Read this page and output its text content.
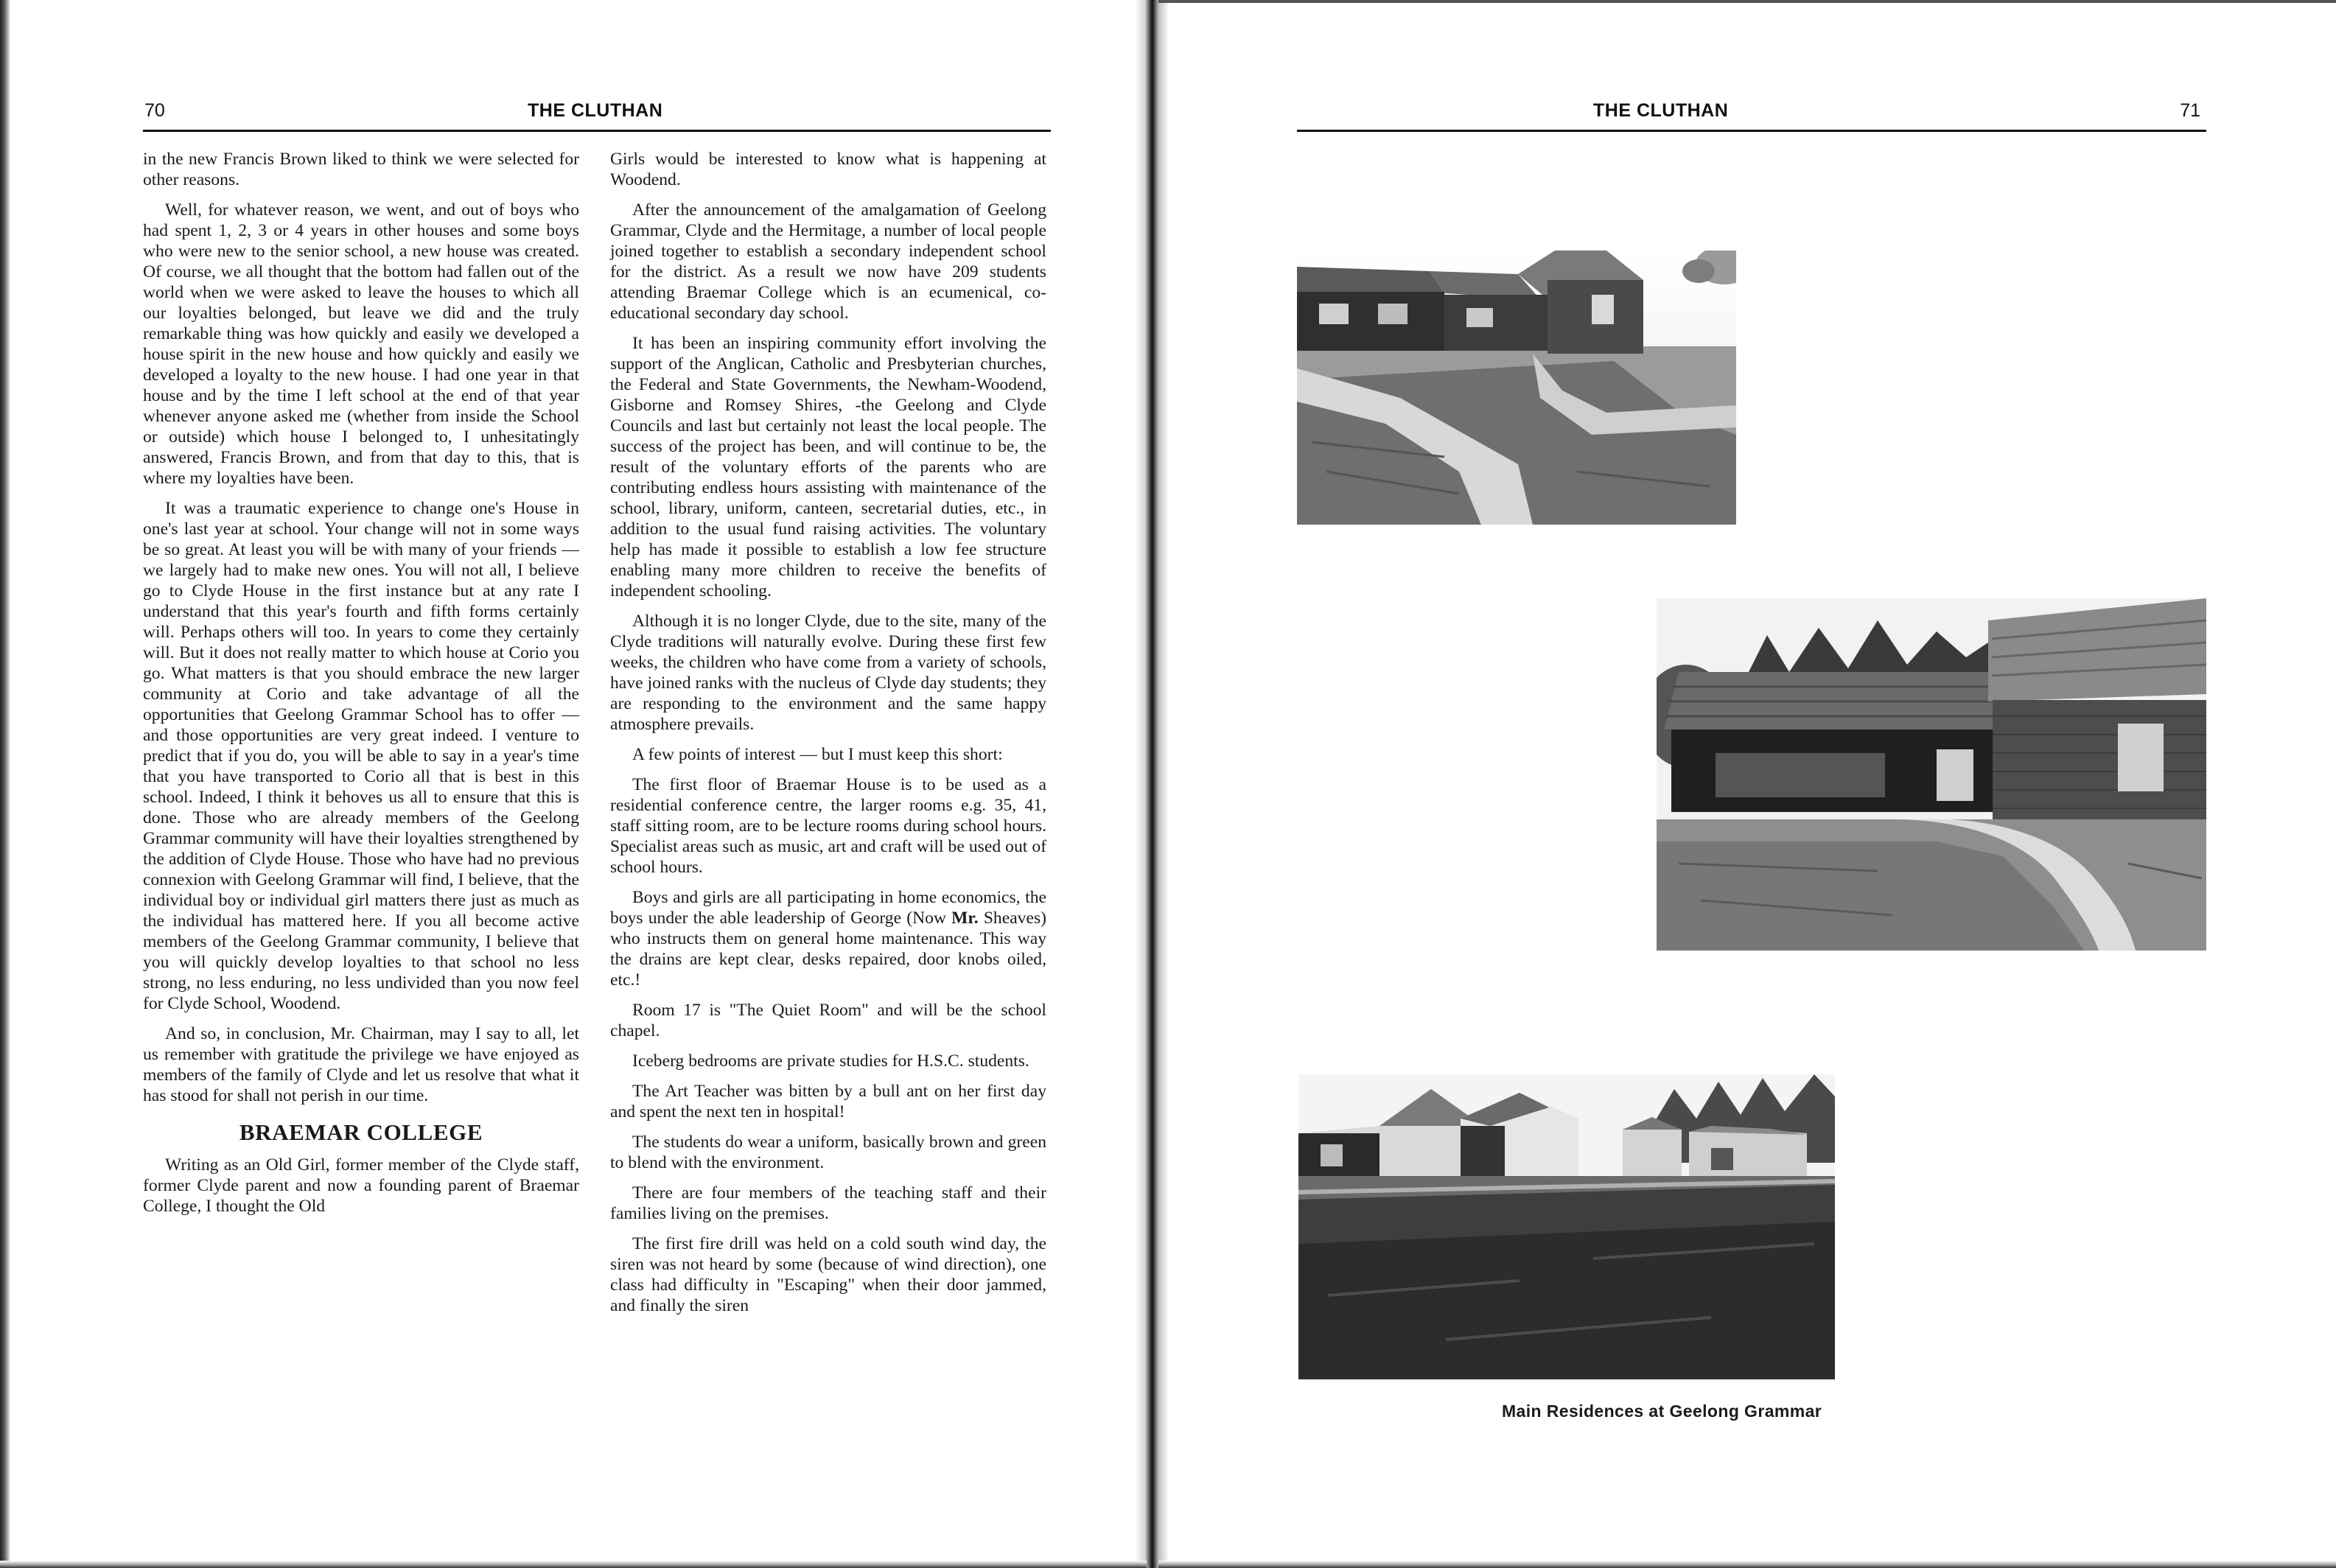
70	THE CLUTHAN

in the new Francis Brown liked to think we were selected for other reasons.

Well, for whatever reason, we went, and out of boys who had spent 1, 2, 3 or 4 years in other houses and some boys who were new to the senior school, a new house was created. Of course, we all thought that the bottom had fallen out of the world when we were asked to leave the houses to which all our loyalties belonged, but leave we did and the truly remarkable thing was how quickly and easily we developed a house spirit in the new house and how quickly and easily we developed a loyalty to the new house. I had one year in that house and by the time I left school at the end of that year whenever anyone asked me (whether from inside the School or outside) which house I belonged to, I unhesitatingly answered, Francis Brown, and from that day to this, that is where my loyalties have been.

It was a traumatic experience to change one's House in one's last year at school. Your change will not in some ways be so great. At least you will be with many of your friends — we largely had to make new ones. You will not all, I believe go to Clyde House in the first instance but at any rate I understand that this year's fourth and fifth forms certainly will. Perhaps others will too. In years to come they certainly will. But it does not really matter to which house at Corio you go. What matters is that you should embrace the new larger community at Corio and take advantage of all the opportunities that Geelong Grammar School has to offer — and those opportunities are very great indeed. I venture to predict that if you do, you will be able to say in a year's time that you have transported to Corio all that is best in this school. Indeed, I think it behoves us all to ensure that this is done. Those who are already members of the Geelong Grammar community will have their loyalties strengthened by the addition of Clyde House. Those who have had no previous connexion with Geelong Grammar will find, I believe, that the individual boy or individual girl matters there just as much as the individual has mattered here. If you all become active members of the Geelong Grammar community, I believe that you will quickly develop loyalties to that school no less strong, no less enduring, no less undivided than you now feel for Clyde School, Woodend.

And so, in conclusion, Mr. Chairman, may I say to all, let us remember with gratitude the privilege we have enjoyed as members of the family of Clyde and let us resolve that what it has stood for shall not perish in our time.

BRAEMAR COLLEGE

Writing as an Old Girl, former member of the Clyde staff, former Clyde parent and now a founding parent of Braemar College, I thought the Old

Girls would be interested to know what is happening at Woodend.

After the announcement of the amalgamation of Geelong Grammar, Clyde and the Hermitage, a number of local people joined together to establish a secondary independent school for the district. As a result we now have 209 students attending Braemar College which is an ecumenical, co-educational secondary day school.

It has been an inspiring community effort involving the support of the Anglican, Catholic and Presbyterian churches, the Federal and State Governments, the Newham-Woodend, Gisborne and Romsey Shires, -the Geelong and Clyde Councils and last but certainly not least the local people. The success of the project has been, and will continue to be, the result of the voluntary efforts of the parents who are contributing endless hours assisting with maintenance of the school, library, uniform, canteen, secretarial duties, etc., in addition to the usual fund raising activities. The voluntary help has made it possible to establish a low fee structure enabling many more children to receive the benefits of independent schooling.

Although it is no longer Clyde, due to the site, many of the Clyde traditions will naturally evolve. During these first few weeks, the children who have come from a variety of schools, have joined ranks with the nucleus of Clyde day students; they are responding to the environment and the same happy atmosphere prevails.

A few points of interest — but I must keep this short:

The first floor of Braemar House is to be used as a residential conference centre, the larger rooms e.g. 35, 41, staff sitting room, are to be lecture rooms during school hours. Specialist areas such as music, art and craft will be used out of school hours.

Boys and girls are all participating in home economics, the boys under the able leadership of George (Now Mr. Sheaves) who instructs them on general home maintenance. This way the drains are kept clear, desks repaired, door knobs oiled, etc.!

Room 17 is "The Quiet Room" and will be the school chapel.

Iceberg bedrooms are private studies for H.S.C. students.

The Art Teacher was bitten by a bull ant on her first day and spent the next ten in hospital!

The students do wear a uniform, basically brown and green to blend with the environment.

There are four members of the teaching staff and their families living on the premises.

The first fire drill was held on a cold south wind day, the siren was not heard by some (because of wind direction), one class had difficulty in "Escaping" when their door jammed, and finally the siren

THE CLUTHAN	71
Main Residences at Geelong Grammar
